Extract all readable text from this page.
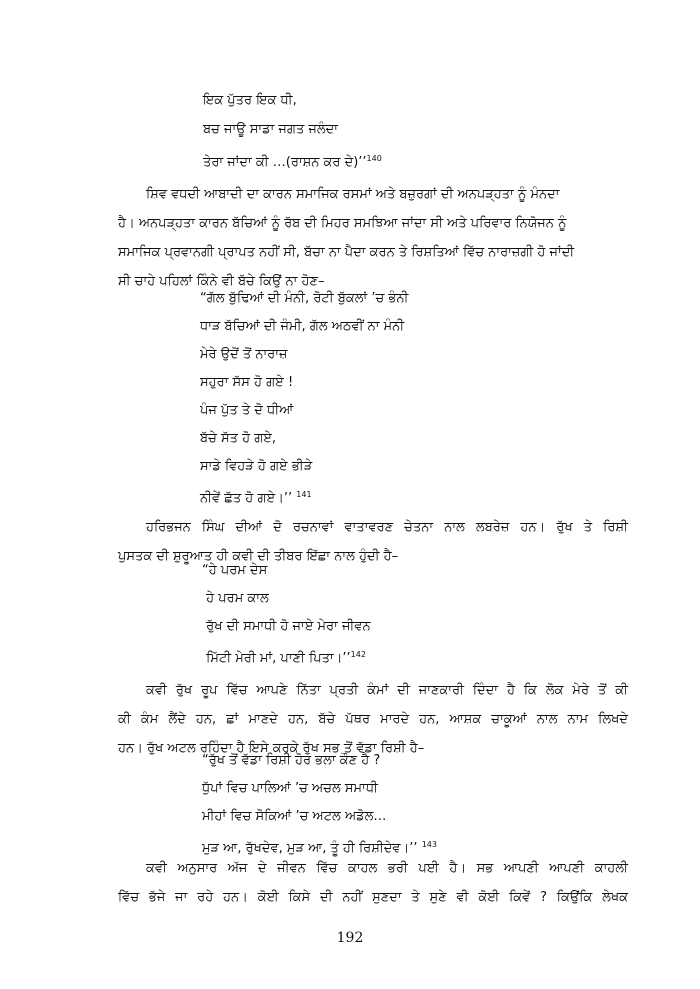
ਇਕ ਪੁੱਤਰ ਇਕ ਧੀ,
ਬਚ ਜਾਊ ਸਾਡਾ ਜਗਤ ਜਲੰਦਾ
ਤੇਰਾ ਜਾਂਦਾ ਕੀ …(ਰਾਸ਼ਨ ਕਰ ਦੇ)’’$^{140}$
ਸ਼ਿਵ ਵਧਦੀ ਆਬਾਦੀ ਦਾ ਕਾਰਨ ਸਮਾਜਿਕ ਰਸਮਾਂ ਅਤੇ ਬਜ਼ੁਰਗਾਂ ਦੀ ਅਨਪੜ੍ਹਤਾ ਨੂੰ ਮੰਨਦਾ
ਹੈ। ਅਨਪੜ੍ਹਤਾ ਕਾਰਨ ਬੱਚਿਆਂ ਨੂੰ ਰੱਬ ਦੀ ਮਿਹਰ ਸਮਝਿਆ ਜਾਂਦਾ ਸੀ ਅਤੇ ਪਰਿਵਾਰ ਨਿਯੋਜਨ ਨੂੰ
ਸਮਾਜਿਕ ਪ੍ਰਵਾਨਗੀ ਪ੍ਰਾਪਤ ਨਹੀਂ ਸੀ, ਬੱਚਾ ਨਾ ਪੈਦਾ ਕਰਨ ਤੇ ਰਿਸ਼ਤਿਆਂ ਵਿੱਚ ਨਾਰਾਜ਼ਗੀ ਹੋ ਜਾਂਦੀ
ਸੀ ਚਾਹੇ ਪਹਿਲਾਂ ਕਿੰਨੇ ਵੀ ਬੱਚੇ ਕਿਉਂ ਨਾ ਹੋਣ–
“ਗੱਲ ਬੁੱਢਿਆਂ ਦੀ ਮੰਨੀ, ਰੋਟੀ ਬੁੱਕਲਾਂ ’ਚ ਭੰਨੀ
ਧਾੜ ਬੱਚਿਆਂ ਦੀ ਜੰਮੀ, ਗੱਲ ਅਠਵੀਂ ਨਾ ਮੰਨੀ
ਮੇਰੇ ਉਦੋਂ ਤੋਂ ਨਾਰਾਜ਼
ਸਹੁਰਾ ਸੱਸ ਹੋ ਗਏ !
ਪੰਜ ਪੁੱਤ ਤੇ ਦੋ ਧੀਆਂ
ਬੱਚੇ ਸੱਤ ਹੋ ਗਏ,
ਸਾਡੇ ਵਿਹੜੇ ਹੋ ਗਏ ਭੀੜੇ
ਨੀਵੇਂ ਛੱਤ ਹੋ ਗਏ।’’ $^{141}$
ਹਰਿਭਜਨ ਸਿੰਘ ਦੀਆਂ ਦੋ ਰਚਨਾਵਾਂ ਵਾਤਾਵਰਣ ਚੇਤਨਾ ਨਾਲ ਲਬਰੇਜ਼ ਹਨ। ਰੁੱਖ ਤੇ ਰਿਸ਼ੀ
ਪੁਸਤਕ ਦੀ ਸ਼ੁਰੂਆਤ ਹੀ ਕਵੀ ਦੀ ਤੀਬਰ ਇੱਛਾ ਨਾਲ ਹੁੰਦੀ ਹੈ–
“ਹੇ ਪਰਮ ਦੇਸ
ਹੇ ਪਰਮ ਕਾਲ
ਰੁੱਖ ਦੀ ਸਮਾਧੀ ਹੋ ਜਾਏ ਮੇਰਾ ਜੀਵਨ
ਮਿੱਟੀ ਮੇਰੀ ਮਾਂ, ਪਾਣੀ ਪਿਤਾ।’’$^{142}$
ਕਵੀ ਰੁੱਖ ਰੂਪ ਵਿੱਚ ਆਪਣੇ ਨਿੱਤਾ ਪ੍ਰਤੀ ਕੰਮਾਂ ਦੀ ਜਾਣਕਾਰੀ ਦਿੰਦਾ ਹੈ ਕਿ ਲੋਕ ਮੇਰੇ ਤੋਂ ਕੀ
ਕੀ ਕੰਮ ਲੈਂਦੇ ਹਨ, ਛਾਂ ਮਾਣਦੇ ਹਨ, ਬੱਚੇ ਪੱਥਰ ਮਾਰਦੇ ਹਨ, ਆਸ਼ਕ ਚਾਕੂਆਂ ਨਾਲ ਨਾਮ ਲਿਖਦੇ
ਹਨ। ਰੁੱਖ ਅਟਲ ਰਹਿੰਦਾ ਹੈ ਇਸੇ ਕਰਕੇ ਰੁੱਖ ਸਭ ਤੋਂ ਵੱਡਾ ਰਿਸ਼ੀ ਹੈ–
“ਰੁੱਖ ਤੋਂ ਵੱਡਾ ਰਿਸ਼ੀ ਹੋਰ ਭਲਾ ਕੌਣ ਹੈ ?
ਧੁੱਪਾਂ ਵਿਚ ਪਾਲਿਆਂ ’ਚ ਅਚਲ ਸਮਾਧੀ
ਮੀਹਾਂ ਵਿਚ ਸੋਕਿਆਂ ’ਚ ਅਟਲ ਅਡੋਲ…
ਮੁੜ ਆ, ਰੁੱਖਦੇਵ, ਮੁੜ ਆ, ਤੂੰ ਹੀ ਰਿਸ਼ੀਦੇਵ।’’ $^{143}$
ਕਵੀ ਅਨੁਸਾਰ ਅੱਜ ਦੇ ਜੀਵਨ ਵਿੱਚ ਕਾਹਲ ਭਰੀ ਪਈ ਹੈ। ਸਭ ਆਪਣੀ ਆਪਣੀ ਕਾਹਲੀ
ਵਿੱਚ ਭੱਜੇ ਜਾ ਰਹੇ ਹਨ। ਕੋਈ ਕਿਸੇ ਦੀ ਨਹੀਂ ਸੁਣਦਾ ਤੇ ਸੁਣੇ ਵੀ ਕੋਈ ਕਿਵੇਂ ? ਕਿਉਂਕਿ ਲੇਖਕ
192
